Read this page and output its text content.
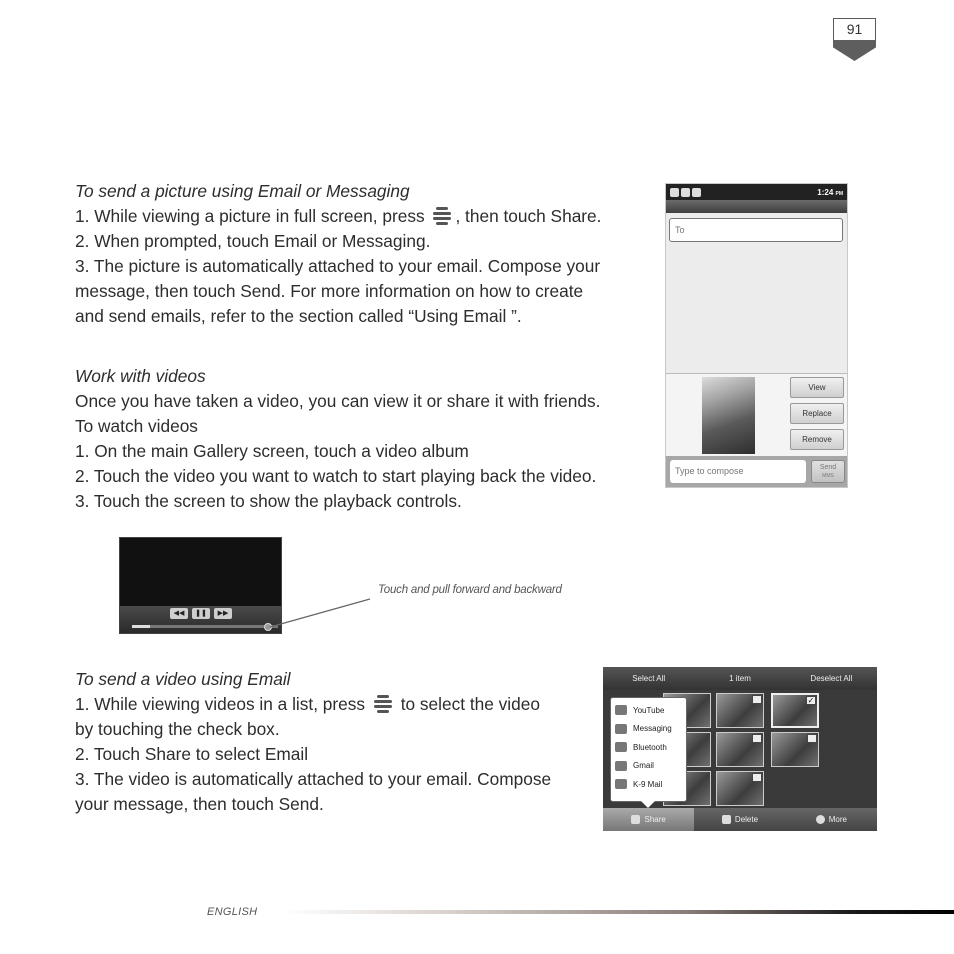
91

To send a picture using Email or Messaging

1. While viewing a picture in full screen, press , then touch Share.

2. When prompted, touch Email or Messaging.

3. The picture is automatically attached to your email. Compose your

message, then touch Send. For more information on how to create

and send emails, refer to the section called “Using Email ”.

Work with videos

Once you have taken a video, you can view it or share it with friends.

To watch videos

1. On the main Gallery screen, touch a video album

2. Touch the video you want to watch to start playing back the video.

3. Touch the screen to show the playback controls.

To send a video using Email

1. While viewing videos in a list, press to select the video

by touching the check box.

2. Touch Share to select Email

3. The video is automatically attached to your email. Compose

your message, then touch Send.

1:24 PM
To
View
Replace
Remove
Type to compose	Send
MMS
◀◀	❚❚	▶▶
Touch and pull forward and backward
Select All	1 item	Deselect All
✓
YouTube
Messaging
Bluetooth
Gmail
K-9 Mail
Share	Delete	More
ENGLISH
